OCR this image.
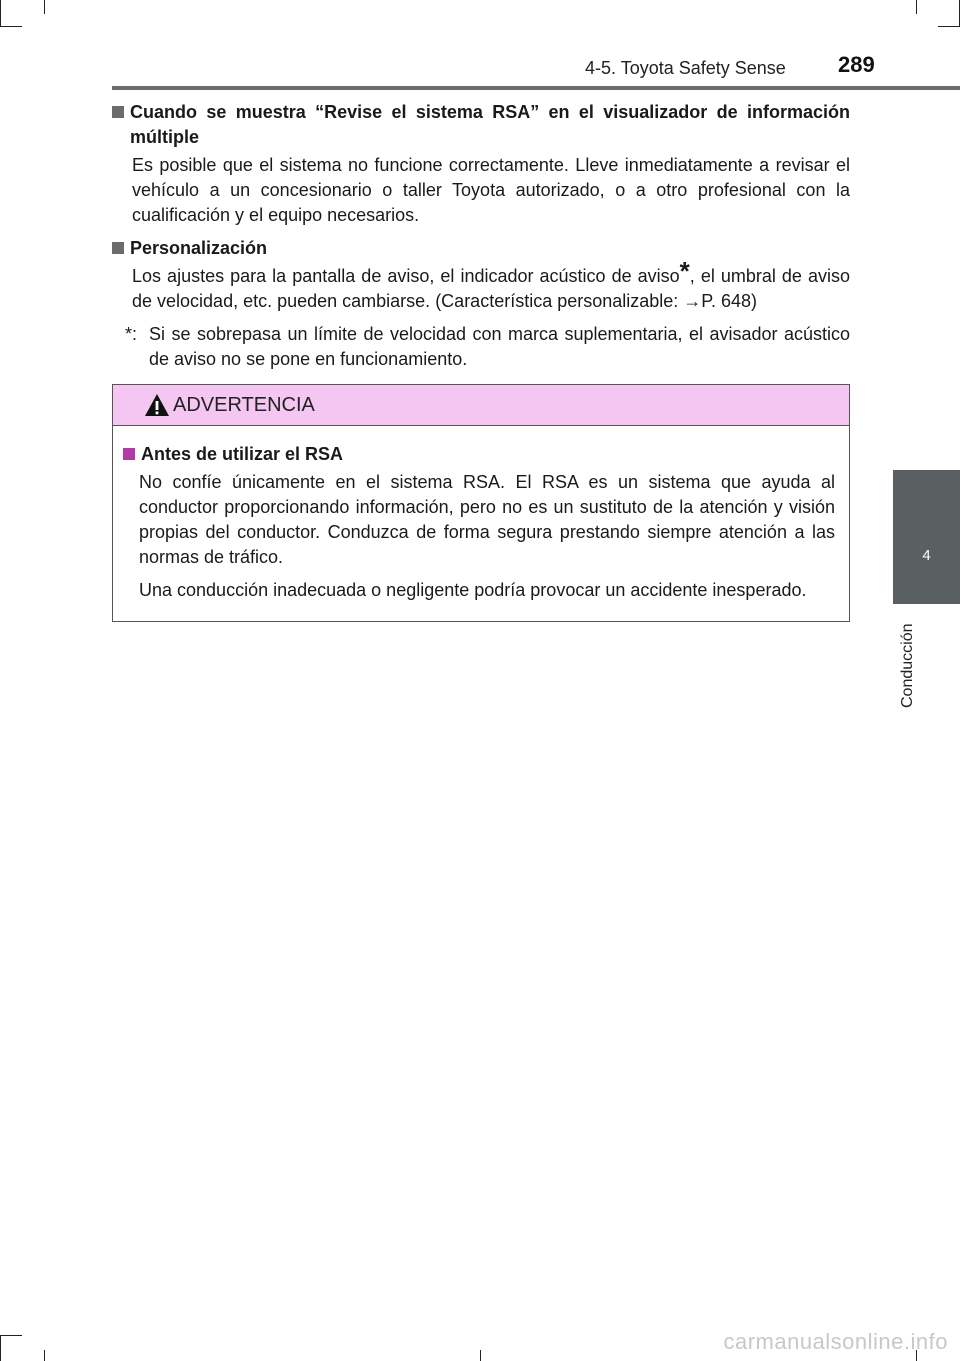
4-5. Toyota Safety Sense 289
4
Conducción
Cuando se muestra “Revise el sistema RSA” en el visualizador de información múltiple

Es posible que el sistema no funcione correctamente. Lleve inmediatamente a revisar el vehículo a un concesionario o taller Toyota autorizado, o a otro profesional con la cualificación y el equipo necesarios.

Personalización

Los ajustes para la pantalla de aviso, el indicador acústico de aviso*, el umbral de aviso de velocidad, etc. pueden cambiarse. (Característica personalizable: →P. 648)

*: Si se sobrepasa un límite de velocidad con marca suplementaria, el avisador acústico de aviso no se pone en funcionamiento.
ADVERTENCIA
Antes de utilizar el RSA

No confíe únicamente en el sistema RSA. El RSA es un sistema que ayuda al conductor proporcionando información, pero no es un sustituto de la atención y visión propias del conductor. Conduzca de forma segura prestando siempre atención a las normas de tráfico.

Una conducción inadecuada o negligente podría provocar un accidente inesperado.

carmanualsonline.info
